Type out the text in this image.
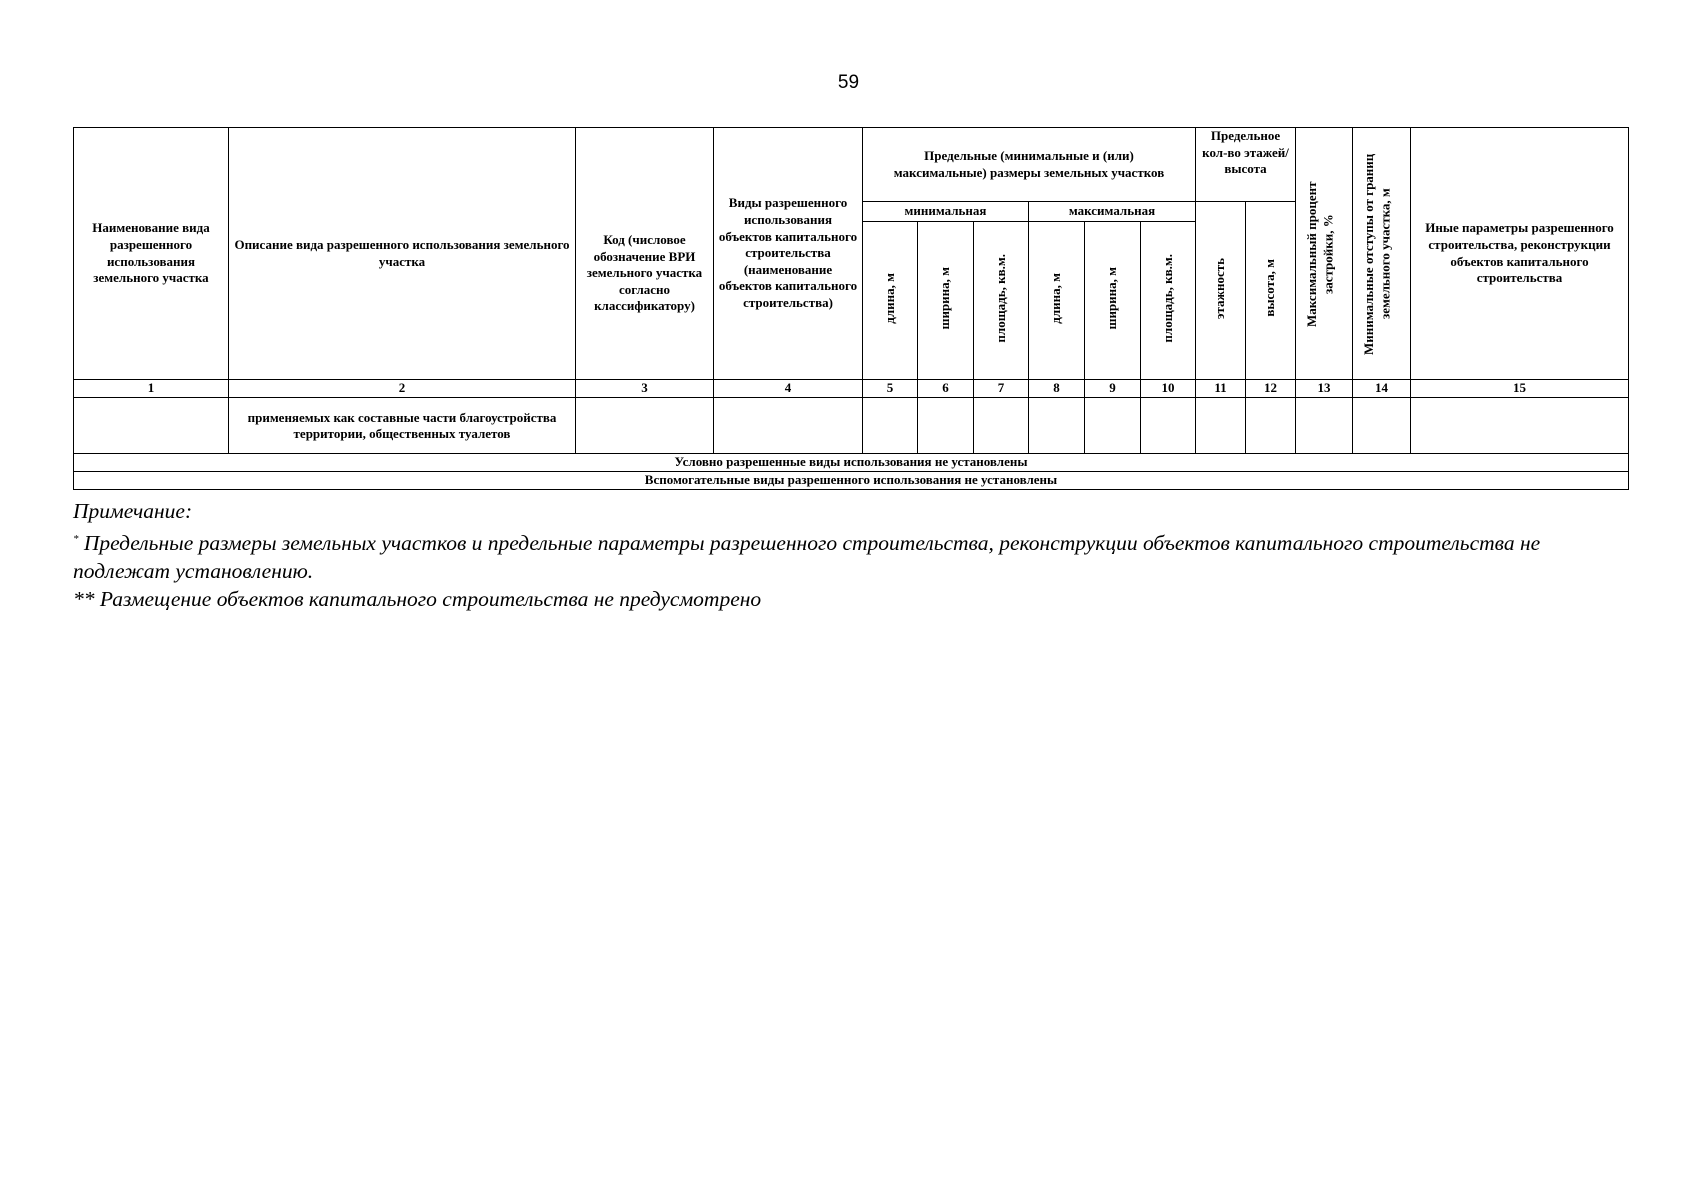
59
Наименование вида разрешенного использования земельного участка	Описание вида разрешенного использования земельного участка	Код (числовое обозначение ВРИ земельного участка согласно классификатору)	Виды разрешенного использования объектов капитального строительства (наименование объектов капитального строительства)	Предельные (минимальные и (или) максимальные) размеры земельных участков						Предельное кол-во этажей/ высота		Максимальный процент застройки, %	Минимальные отступы от границ земельного участка, м	Иные параметры разрешенного строительства, реконструкции объектов капитального строительства
				минимальная			максимальная			этажность	высота, м			
				длина, м	ширина, м	площадь, кв.м.	длина, м	ширина, м	площадь, кв.м.					
1	2	3	4	5	6	7	8	9	10	11	12	13	14	15
	применяемых как составные части благоустройства территории, общественных туалетов													
Условно разрешенные виды использования не установлены														
Вспомогательные виды разрешенного использования не установлены														

Примечание:

* Предельные размеры земельных участков и предельные параметры разрешенного строительства, реконструкции объектов капитального строительства не подлежат установлению.

** Размещение объектов капитального строительства не предусмотрено
